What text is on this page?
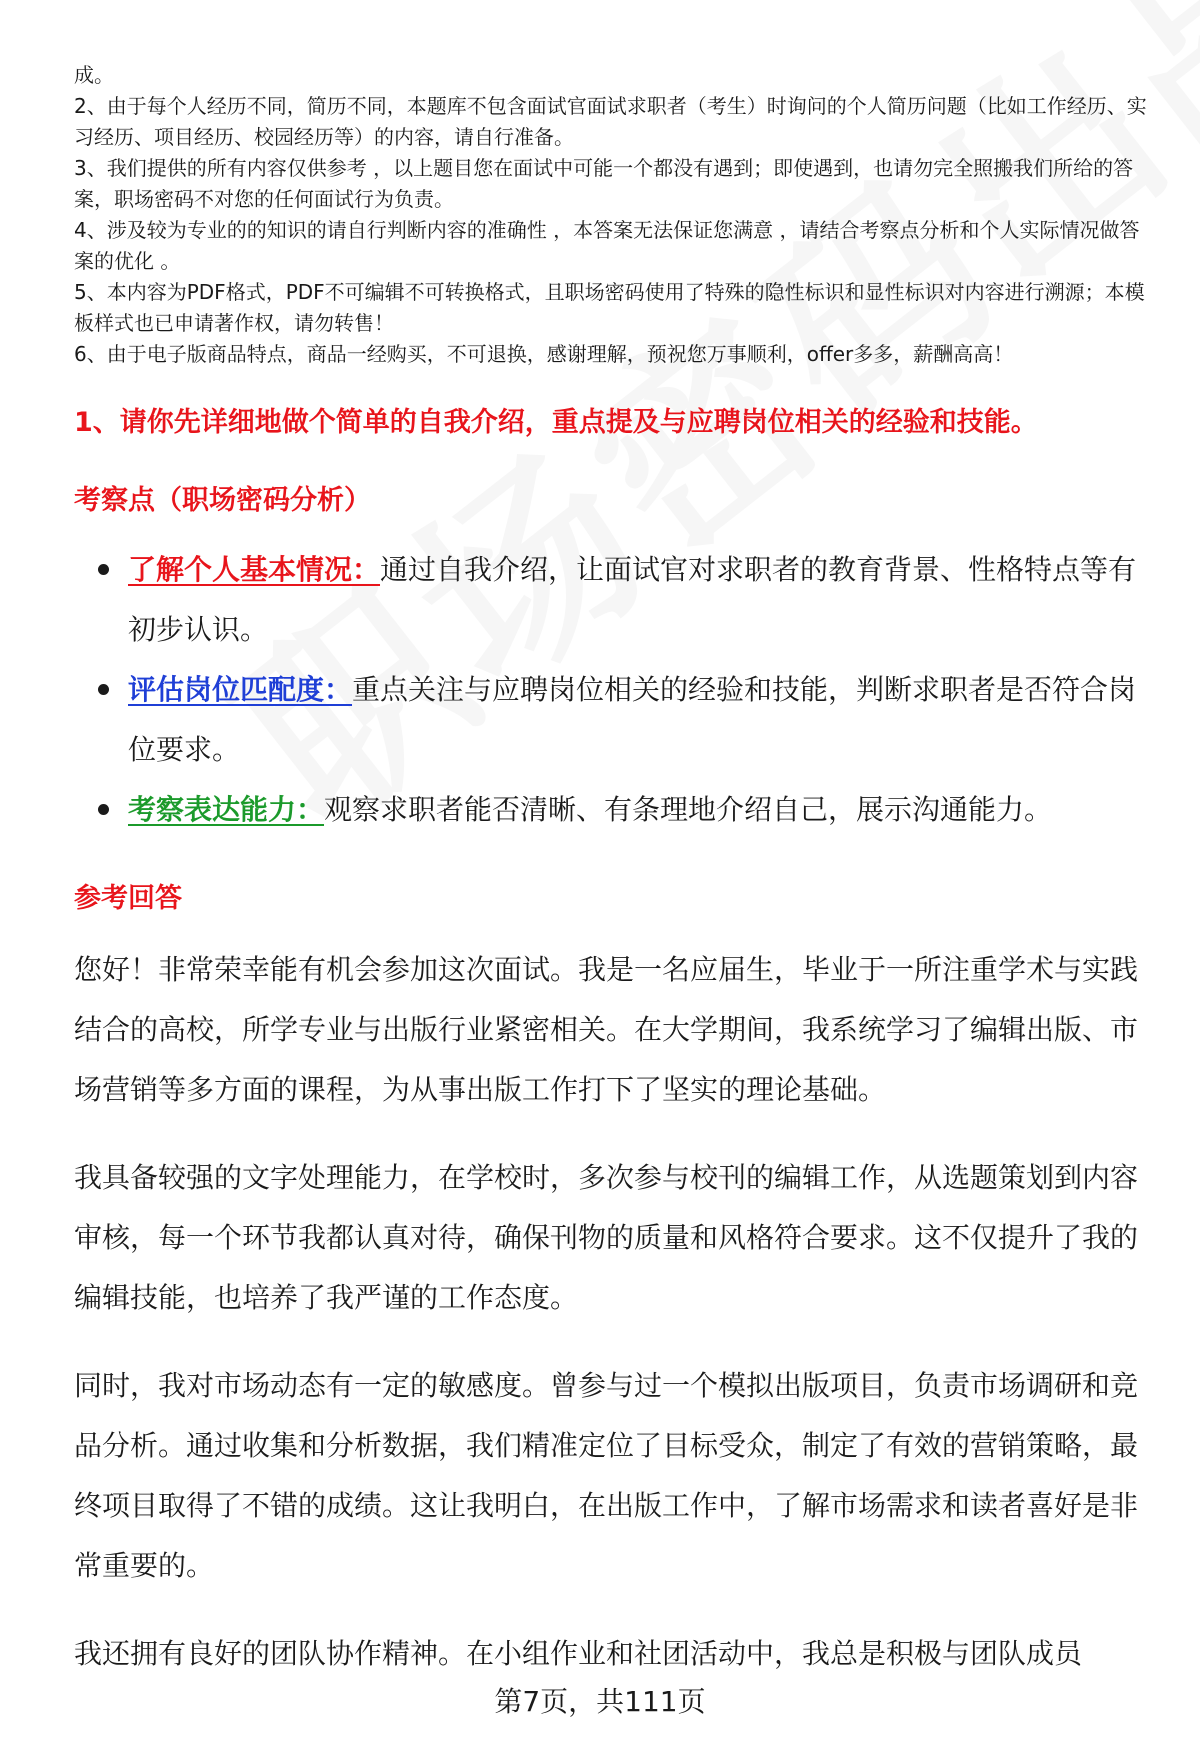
成。

2、由于每个人经历不同，简历不同，本题库不包含面试官面试求职者（考生）时询问的个人简历问题（比如工作经历、实习经历、项目经历、校园经历等）的内容，请自行准备。

3、我们提供的所有内容仅供参考 ，以上题目您在面试中可能一个都没有遇到；即使遇到，也请勿完全照搬我们所给的答案，职场密码不对您的任何面试行为负责。

4、涉及较为专业的的知识的请自行判断内容的准确性 ，本答案无法保证您满意 ，请结合考察点分析和个人实际情况做答案的优化 。

5、本内容为PDF格式，PDF不可编辑不可转换格式，且职场密码使用了特殊的隐性标识和显性标识对内容进行溯源；本模板样式也已申请著作权，请勿转售！

6、由于电子版商品特点，商品一经购买，不可退换，感谢理解，预祝您万事顺利，offer多多，薪酬高高！

1、请你先详细地做个简单的自我介绍，重点提及与应聘岗位相关的经验和技能。
考察点（职场密码分析）
了解个人基本情况：通过自我介绍，让面试官对求职者的教育背景、性格特点等有初步认识。
评估岗位匹配度：重点关注与应聘岗位相关的经验和技能，判断求职者是否符合岗位要求。
考察表达能力：观察求职者能否清晰、有条理地介绍自己，展示沟通能力。
参考回答

您好！非常荣幸能有机会参加这次面试。我是一名应届生，毕业于一所注重学术与实践结合的高校，所学专业与出版行业紧密相关。在大学期间，我系统学习了编辑出版、市场营销等多方面的课程，为从事出版工作打下了坚实的理论基础。

我具备较强的文字处理能力，在学校时，多次参与校刊的编辑工作，从选题策划到内容审核，每一个环节我都认真对待，确保刊物的质量和风格符合要求。这不仅提升了我的编辑技能，也培养了我严谨的工作态度。

同时，我对市场动态有一定的敏感度。曾参与过一个模拟出版项目，负责市场调研和竞品分析。通过收集和分析数据，我们精准定位了目标受众，制定了有效的营销策略，最终项目取得了不错的成绩。这让我明白，在出版工作中，了解市场需求和读者喜好是非常重要的。

我还拥有良好的团队协作精神。在小组作业和社团活动中，我总是积极与团队成员

第7页，共111页
